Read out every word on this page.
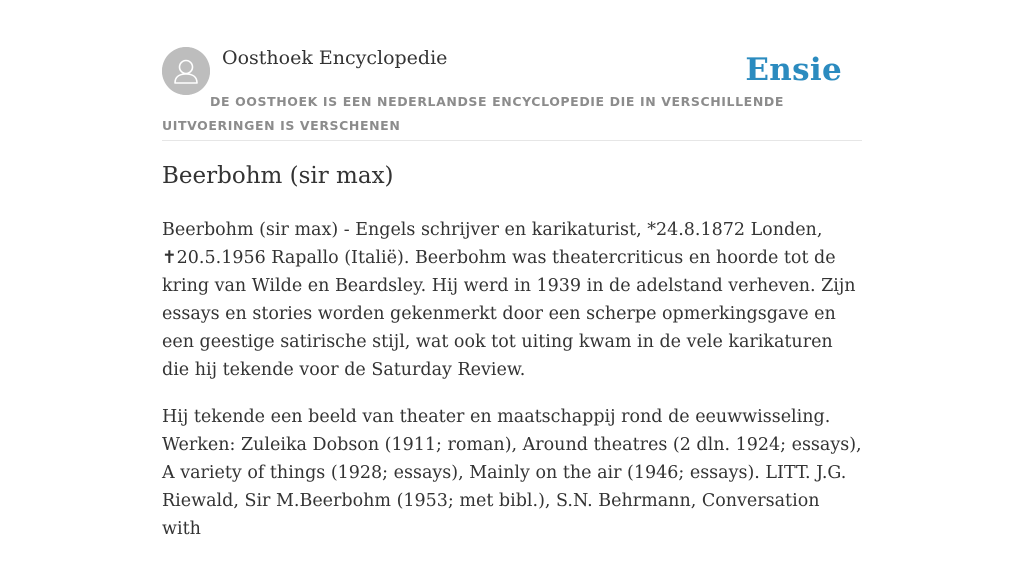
Oosthoek Encyclopedie	Ensie
DE OOSTHOEK IS EEN NEDERLANDSE ENCYCLOPEDIE DIE IN VERSCHILLENDE UITVOERINGEN IS VERSCHENEN
Beerbohm (sir max)

Beerbohm (sir max) - Engels schrijver en karikaturist, *24.8.1872 Londen, ✝20.5.1956 Rapallo (Italië). Beerbohm was theatercriticus en hoorde tot de kring van Wilde en Beardsley. Hij werd in 1939 in de adelstand verheven. Zijn essays en stories worden gekenmerkt door een scherpe opmerkingsgave en een geestige satirische stijl, wat ook tot uiting kwam in de vele karikaturen die hij tekende voor de Saturday Review.

Hij tekende een beeld van theater en maatschappij rond de eeuwwisseling. Werken: Zuleika Dobson (1911; roman), Around theatres (2 dln. 1924; essays), A variety of things (1928; essays), Mainly on the air (1946; essays). LITT. J.G. Riewald, Sir M.Beerbohm (1953; met bibl.), S.N. Behrmann, Conversation with
